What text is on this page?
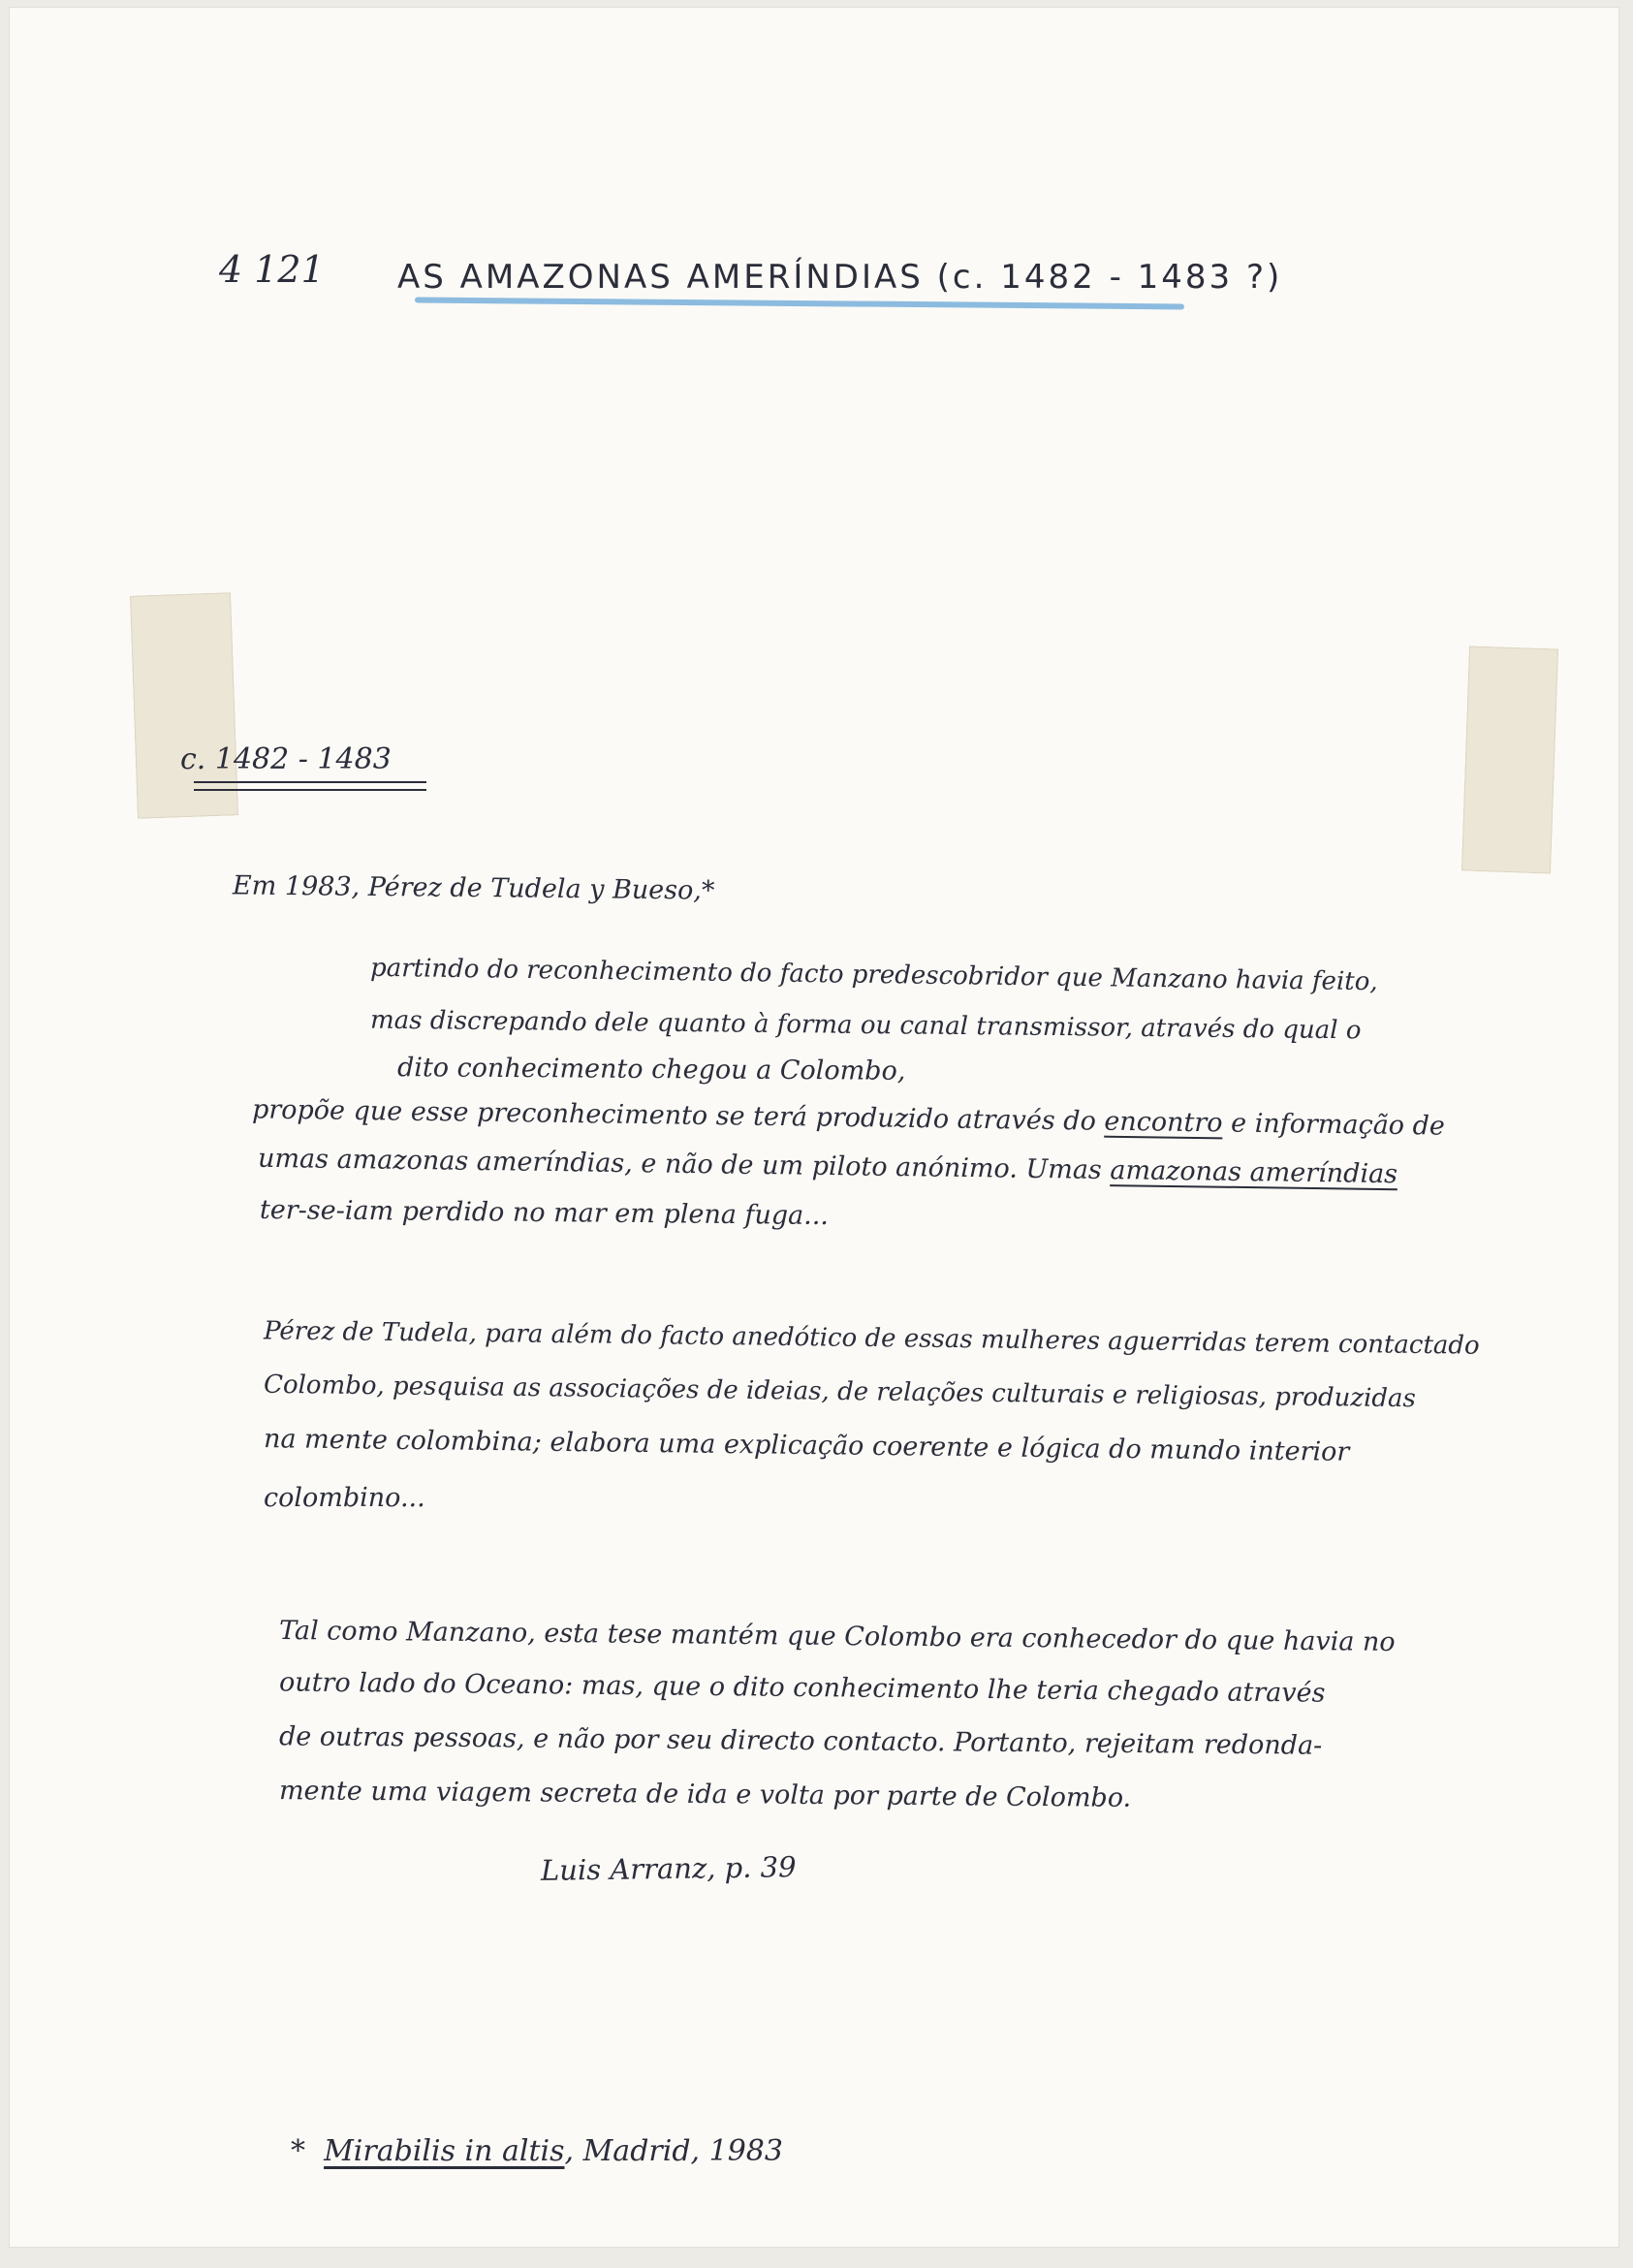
4 121 AS AMAZONAS AMERÍNDIAS (c. 1482 - 1483 ?)

c. 1482 - 1483

Em 1983, Pérez de Tudela y Bueso,*

partindo do reconhecimento do facto predescobridor que Manzano havia feito,

mas discrepando dele quanto à forma ou canal transmissor, através do qual o

dito conhecimento chegou a Colombo,

propõe que esse preconhecimento se terá produzido através do encontro e informação de

umas amazonas ameríndias, e não de um piloto anónimo. Umas amazonas ameríndias

ter-se-iam perdido no mar em plena fuga...

Pérez de Tudela, para além do facto anedótico de essas mulheres aguerridas terem contactado

Colombo, pesquisa as associações de ideias, de relações culturais e religiosas, produzidas

na mente colombina; elabora uma explicação coerente e lógica do mundo interior

colombino...

Tal como Manzano, esta tese mantém que Colombo era conhecedor do que havia no

outro lado do Oceano: mas, que o dito conhecimento lhe teria chegado através

de outras pessoas, e não por seu directo contacto. Portanto, rejeitam redonda-

mente uma viagem secreta de ida e volta por parte de Colombo.

Luis Arranz, p. 39

* Mirabilis in altis, Madrid, 1983
